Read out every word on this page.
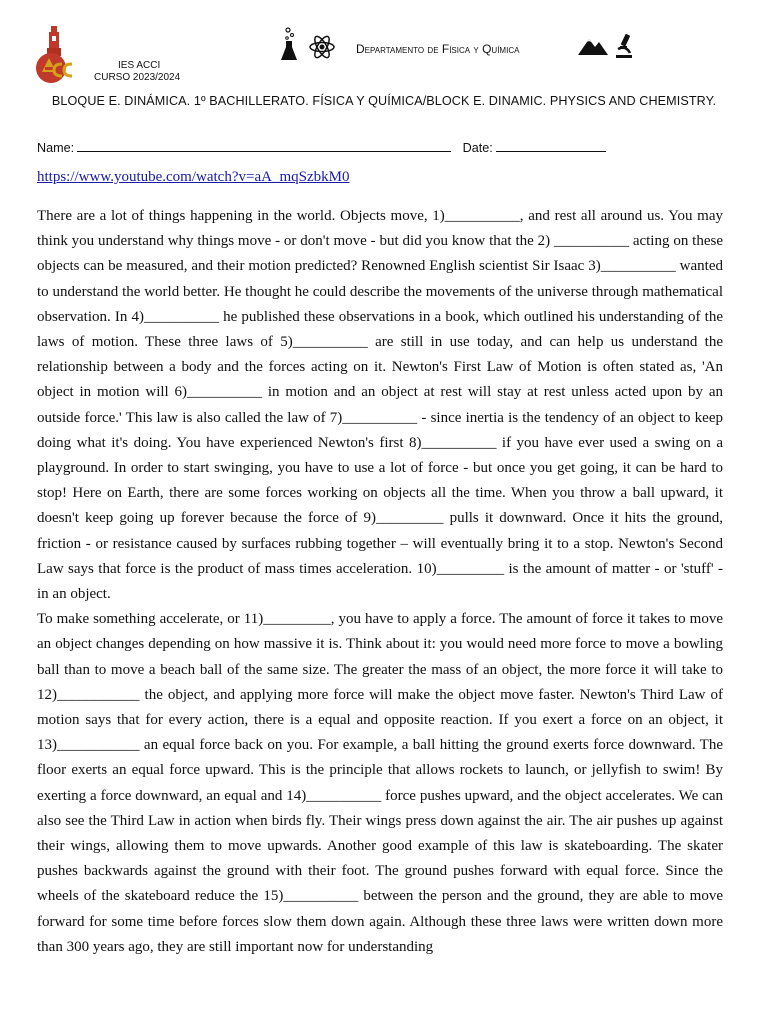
IES ACCI
CURSO 2023/2024
Departamento de Física y Química
BLOQUE E. DINÁMICA. 1º BACHILLERATO. FÍSICA Y QUÍMICA/BLOCK E. DINAMIC. PHYSICS AND CHEMISTRY.
Name:	Date:
https://www.youtube.com/watch?v=aA_mqSzbkM0

There are a lot of things happening in the world. Objects move, 1)__________, and rest all around us. You may think you understand why things move - or don't move - but did you know that the 2) __________ acting on these objects can be measured, and their motion predicted? Renowned English scientist Sir Isaac 3)__________ wanted to understand the world better. He thought he could describe the movements of the universe through mathematical observation. In 4)__________ he published these observations in a book, which outlined his understanding of the laws of motion. These three laws of 5)__________ are still in use today, and can help us understand the relationship between a body and the forces acting on it. Newton's First Law of Motion is often stated as, 'An object in motion will 6)__________ in motion and an object at rest will stay at rest unless acted upon by an outside force.' This law is also called the law of 7)__________ - since inertia is the tendency of an object to keep doing what it's doing. You have experienced Newton's first 8)__________ if you have ever used a swing on a playground. In order to start swinging, you have to use a lot of force - but once you get going, it can be hard to stop! Here on Earth, there are some forces working on objects all the time. When you throw a ball upward, it doesn't keep going up forever because the force of 9)_________ pulls it downward. Once it hits the ground, friction - or resistance caused by surfaces rubbing together – will eventually bring it to a stop. Newton's Second Law says that force is the product of mass times acceleration. 10)_________ is the amount of matter - or 'stuff' - in an object.

To make something accelerate, or 11)_________, you have to apply a force. The amount of force it takes to move an object changes depending on how massive it is. Think about it: you would need more force to move a bowling ball than to move a beach ball of the same size. The greater the mass of an object, the more force it will take to 12)___________ the object, and applying more force will make the object move faster. Newton's Third Law of motion says that for every action, there is a equal and opposite reaction. If you exert a force on an object, it 13)___________ an equal force back on you. For example, a ball hitting the ground exerts force downward. The floor exerts an equal force upward. This is the principle that allows rockets to launch, or jellyfish to swim! By exerting a force downward, an equal and 14)__________ force pushes upward, and the object accelerates. We can also see the Third Law in action when birds fly. Their wings press down against the air. The air pushes up against their wings, allowing them to move upwards. Another good example of this law is skateboarding. The skater pushes backwards against the ground with their foot. The ground pushes forward with equal force. Since the wheels of the skateboard reduce the 15)__________ between the person and the ground, they are able to move forward for some time before forces slow them down again. Although these three laws were written down more than 300 years ago, they are still important now for understanding
